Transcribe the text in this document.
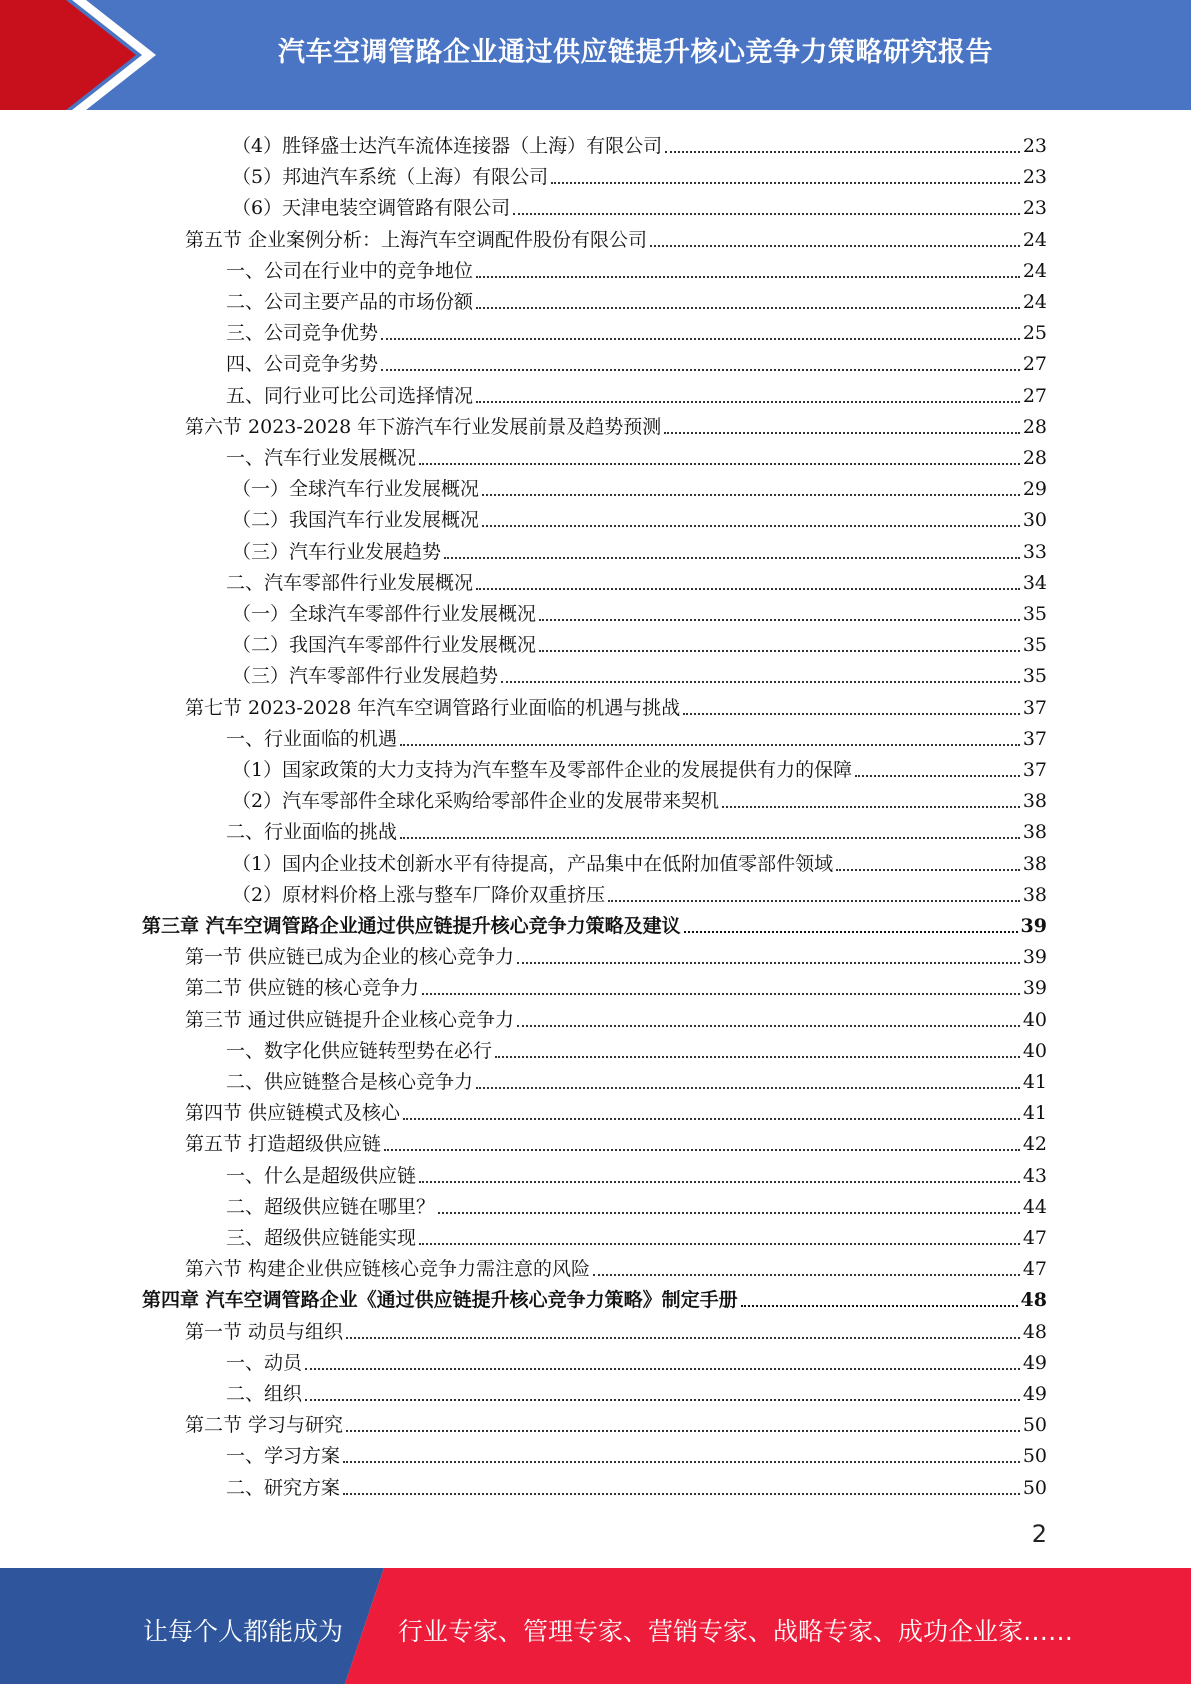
汽车空调管路企业通过供应链提升核心竞争力策略研究报告
（4）胜铎盛士达汽车流体连接器（上海）有限公司	23
（5）邦迪汽车系统（上海）有限公司	23
（6）天津电装空调管路有限公司	23
第五节 企业案例分析：上海汽车空调配件股份有限公司	24
一、公司在行业中的竞争地位	24
二、公司主要产品的市场份额	24
三、公司竞争优势	25
四、公司竞争劣势	27
五、同行业可比公司选择情况	27
第六节 2023-2028 年下游汽车行业发展前景及趋势预测	28
一、汽车行业发展概况	28
（一）全球汽车行业发展概况	29
（二）我国汽车行业发展概况	30
（三）汽车行业发展趋势	33
二、汽车零部件行业发展概况	34
（一）全球汽车零部件行业发展概况	35
（二）我国汽车零部件行业发展概况	35
（三）汽车零部件行业发展趋势	35
第七节 2023-2028 年汽车空调管路行业面临的机遇与挑战	37
一、行业面临的机遇	37
（1）国家政策的大力支持为汽车整车及零部件企业的发展提供有力的保障	37
（2）汽车零部件全球化采购给零部件企业的发展带来契机	38
二、行业面临的挑战	38
（1）国内企业技术创新水平有待提高，产品集中在低附加值零部件领域	38
（2）原材料价格上涨与整车厂降价双重挤压	38
第三章 汽车空调管路企业通过供应链提升核心竞争力策略及建议	39
第一节 供应链已成为企业的核心竞争力	39
第二节 供应链的核心竞争力	39
第三节 通过供应链提升企业核心竞争力	40
一、数字化供应链转型势在必行	40
二、供应链整合是核心竞争力	41
第四节 供应链模式及核心	41
第五节 打造超级供应链	42
一、什么是超级供应链	43
二、超级供应链在哪里？	44
三、超级供应链能实现	47
第六节 构建企业供应链核心竞争力需注意的风险	47
第四章 汽车空调管路企业《通过供应链提升核心竞争力策略》制定手册	48
第一节 动员与组织	48
一、动员	49
二、组织	49
第二节 学习与研究	50
一、学习方案	50
二、研究方案	50
2
让每个人都能成为 行业专家、管理专家、营销专家、战略专家、成功企业家……
